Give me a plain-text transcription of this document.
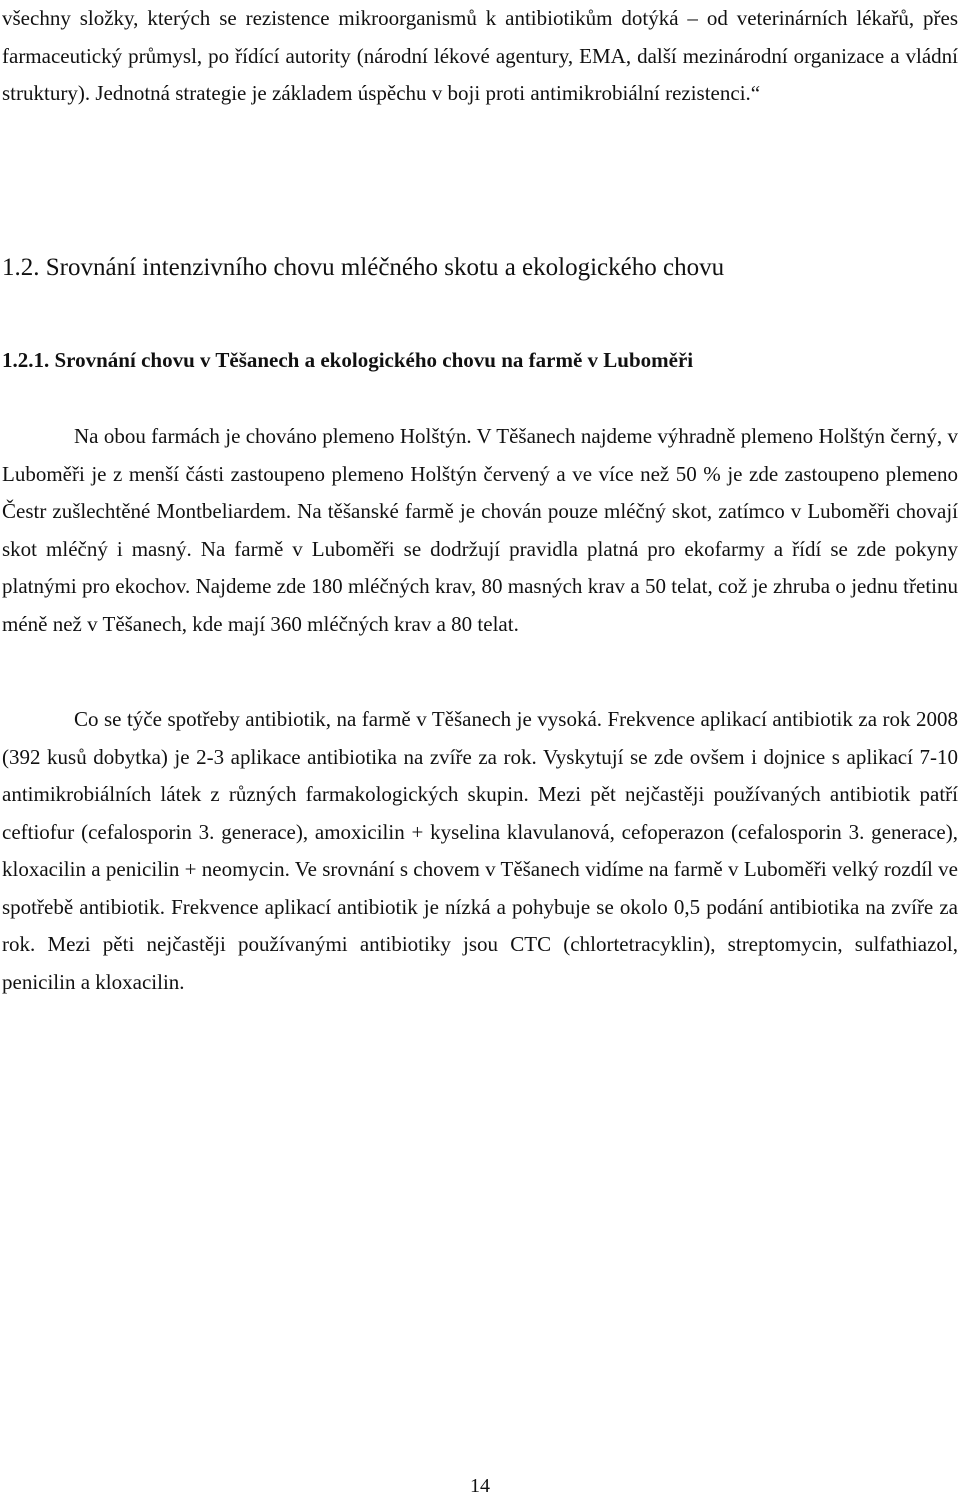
všechny složky, kterých se rezistence mikroorganismů k antibiotikům dotýká – od veterinárních lékařů, přes farmaceutický průmysl, po řídící autority (národní lékové agentury, EMA, další mezinárodní organizace a vládní struktury). Jednotná strategie je základem úspěchu v boji proti antimikrobiální rezistenci.“

1.2. Srovnání intenzivního chovu mléčného skotu a ekologického chovu
1.2.1. Srovnání chovu v Těšanech a ekologického chovu na farmě v Luboměři

Na obou farmách je chováno plemeno Holštýn. V Těšanech najdeme výhradně plemeno Holštýn černý, v Luboměři je z menší části zastoupeno plemeno Holštýn červený a ve více než 50 % je zde zastoupeno plemeno Čestr zušlechtěné Montbeliardem. Na těšanské farmě je chován pouze mléčný skot, zatímco v Luboměři chovají skot mléčný i masný. Na farmě v Luboměři se dodržují pravidla platná pro ekofarmy a řídí se zde pokyny platnými pro ekochov. Najdeme zde 180 mléčných krav, 80 masných krav a 50 telat, což je zhruba o jednu třetinu méně než v Těšanech, kde mají 360 mléčných krav a 80 telat.

Co se týče spotřeby antibiotik, na farmě v Těšanech je vysoká. Frekvence aplikací antibiotik za rok 2008 (392 kusů dobytka) je 2-3 aplikace antibiotika na zvíře za rok. Vyskytují se zde ovšem i dojnice s aplikací 7-10 antimikrobiálních látek z různých farmakologických skupin. Mezi pět nejčastěji používaných antibiotik patří ceftiofur (cefalosporin 3. generace), amoxicilin + kyselina klavulanová, cefoperazon (cefalosporin 3. generace), kloxacilin a penicilin + neomycin. Ve srovnání s chovem v Těšanech vidíme na farmě v Luboměři velký rozdíl ve spotřebě antibiotik. Frekvence aplikací antibiotik je nízká a pohybuje se okolo 0,5 podání antibiotika na zvíře za rok. Mezi pěti nejčastěji používanými antibiotiky jsou CTC (chlortetracyklin), streptomycin, sulfathiazol, penicilin a kloxacilin.

14
